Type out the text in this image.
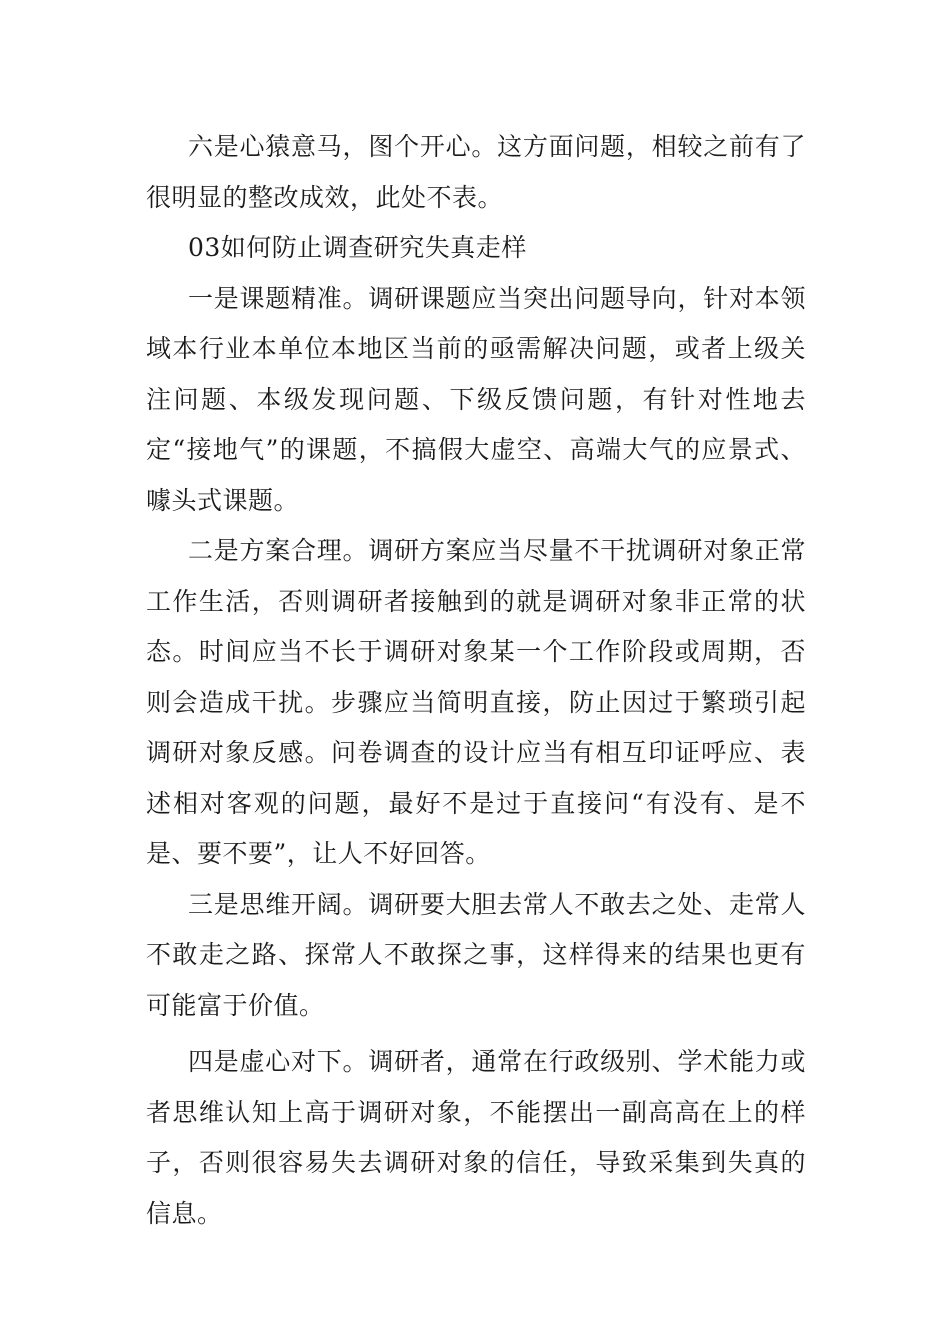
六是心猿意马，图个开心。这方面问题，相较之前有了很明显的整改成效，此处不表。

03如何防止调查研究失真走样

一是课题精准。调研课题应当突出问题导向，针对本领域本行业本单位本地区当前的亟需解决问题，或者上级关注问题、本级发现问题、下级反馈问题，有针对性地去定“接地气”的课题，不搞假大虚空、高端大气的应景式、噱头式课题。

二是方案合理。调研方案应当尽量不干扰调研对象正常工作生活，否则调研者接触到的就是调研对象非正常的状态。时间应当不长于调研对象某一个工作阶段或周期，否则会造成干扰。步骤应当简明直接，防止因过于繁琐引起调研对象反感。问卷调查的设计应当有相互印证呼应、表述相对客观的问题，最好不是过于直接问“有没有、是不是、要不要”，让人不好回答。

三是思维开阔。调研要大胆去常人不敢去之处、走常人不敢走之路、探常人不敢探之事，这样得来的结果也更有可能富于价值。

四是虚心对下。调研者，通常在行政级别、学术能力或者思维认知上高于调研对象，不能摆出一副高高在上的样子，否则很容易失去调研对象的信任，导致采集到失真的信息。
